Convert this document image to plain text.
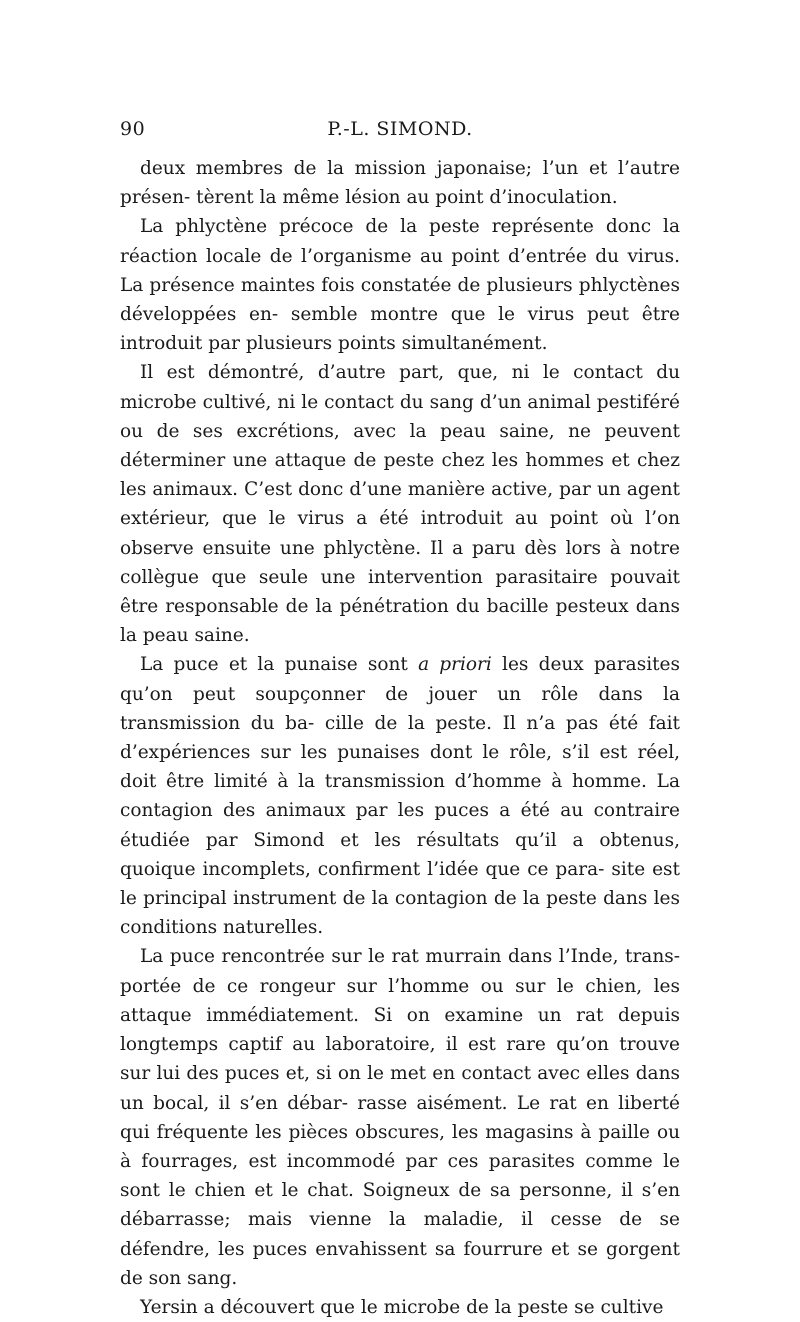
90	P.-L. SIMOND.

deux membres de la mission japonaise; l’un et l’autre présen- tèrent la même lésion au point d’inoculation.

La phlyctène précoce de la peste représente donc la réaction locale de l’organisme au point d’entrée du virus. La présence maintes fois constatée de plusieurs phlyctènes développées en- semble montre que le virus peut être introduit par plusieurs points simultanément.

Il est démontré, d’autre part, que, ni le contact du microbe cultivé, ni le contact du sang d’un animal pestiféré ou de ses excrétions, avec la peau saine, ne peuvent déterminer une attaque de peste chez les hommes et chez les animaux. C’est donc d’une manière active, par un agent extérieur, que le virus a été introduit au point où l’on observe ensuite une phlyctène. Il a paru dès lors à notre collègue que seule une intervention parasitaire pouvait être responsable de la pénétration du bacille pesteux dans la peau saine.

La puce et la punaise sont a priori les deux parasites qu’on peut soupçonner de jouer un rôle dans la transmission du ba- cille de la peste. Il n’a pas été fait d’expériences sur les punaises dont le rôle, s’il est réel, doit être limité à la transmission d’homme à homme. La contagion des animaux par les puces a été au contraire étudiée par Simond et les résultats qu’il a obtenus, quoique incomplets, confirment l’idée que ce para- site est le principal instrument de la contagion de la peste dans les conditions naturelles.

La puce rencontrée sur le rat murrain dans l’Inde, trans- portée de ce rongeur sur l’homme ou sur le chien, les attaque immédiatement. Si on examine un rat depuis longtemps captif au laboratoire, il est rare qu’on trouve sur lui des puces et, si on le met en contact avec elles dans un bocal, il s’en débar- rasse aisément. Le rat en liberté qui fréquente les pièces obscures, les magasins à paille ou à fourrages, est incommodé par ces parasites comme le sont le chien et le chat. Soigneux de sa personne, il s’en débarrasse; mais vienne la maladie, il cesse de se défendre, les puces envahissent sa fourrure et se gorgent de son sang.

Yersin a découvert que le microbe de la peste se cultive
